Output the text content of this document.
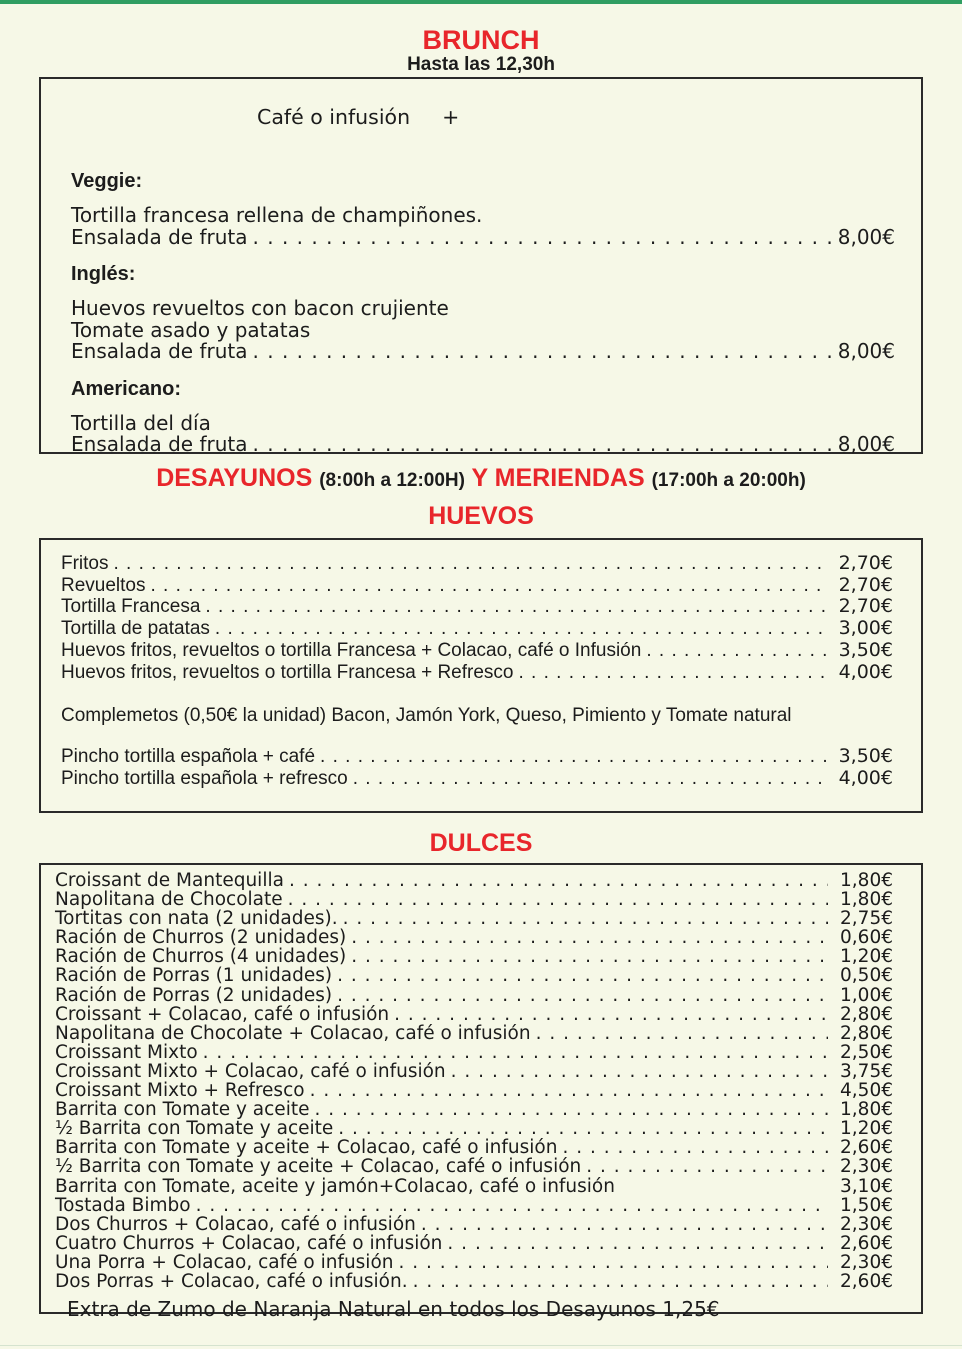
BRUNCH
Hasta las 12,30h
Café o infusión +
Veggie:
Tortilla francesa rellena de champiñones.
Ensalada de fruta . . .	8,00€
Inglés:
Huevos revueltos con bacon crujiente
Tomate asado y patatas
Ensalada de fruta . . .	8,00€
Americano:
Tortilla del día
Ensalada de fruta . . .	8,00€
DESAYUNOS (8:00h a 12:00H) Y MERIENDAS (17:00h a 20:00h)
HUEVOS
Fritos . . .	2,70€
Revueltos . . .	2,70€
Tortilla Francesa . . .	2,70€
Tortilla de patatas . . .	3,00€
Huevos fritos, revueltos o tortilla Francesa + Colacao, café o Infusión . . .	3,50€
Huevos fritos, revueltos o tortilla Francesa + Refresco . . .	4,00€
Complemetos (0,50€ la unidad) Bacon, Jamón York, Queso, Pimiento y Tomate natural
Pincho tortilla española + café . . .	3,50€
Pincho tortilla española + refresco . . .	4,00€
DULCES
Croissant de Mantequilla . . .	1,80€
Napolitana de Chocolate . . .	1,80€
Tortitas con nata (2 unidades). . . .	2,75€
Ración de Churros (2 unidades) . . .	0,60€
Ración de Churros (4 unidades) . . .	1,20€
Ración de Porras (1 unidades) . . .	0,50€
Ración de Porras (2 unidades) . . .	1,00€
Croissant + Colacao, café o infusión . . .	2,80€
Napolitana de Chocolate + Colacao, café o infusión . . .	2,80€
Croissant Mixto . . .	2,50€
Croissant Mixto + Colacao, café o infusión . . .	3,75€
Croissant Mixto + Refresco . . .	4,50€
Barrita con Tomate y aceite . . .	1,80€
½ Barrita con Tomate y aceite . . .	1,20€
Barrita con Tomate y aceite + Colacao, café o infusión . . .	2,60€
½ Barrita con Tomate y aceite + Colacao, café o infusión . . .	2,30€
Barrita con Tomate, aceite y jamón+Colacao, café o infusión	3,10€
Tostada Bimbo . . .	1,50€
Dos Churros + Colacao, café o infusión . . .	2,30€
Cuatro Churros + Colacao, café o infusión . . .	2,60€
Una Porra + Colacao, café o infusión . . .	2,30€
Dos Porras + Colacao, café o infusión. . . .	2,60€
Extra de Zumo de Naranja Natural en todos los Desayunos 1,25€
